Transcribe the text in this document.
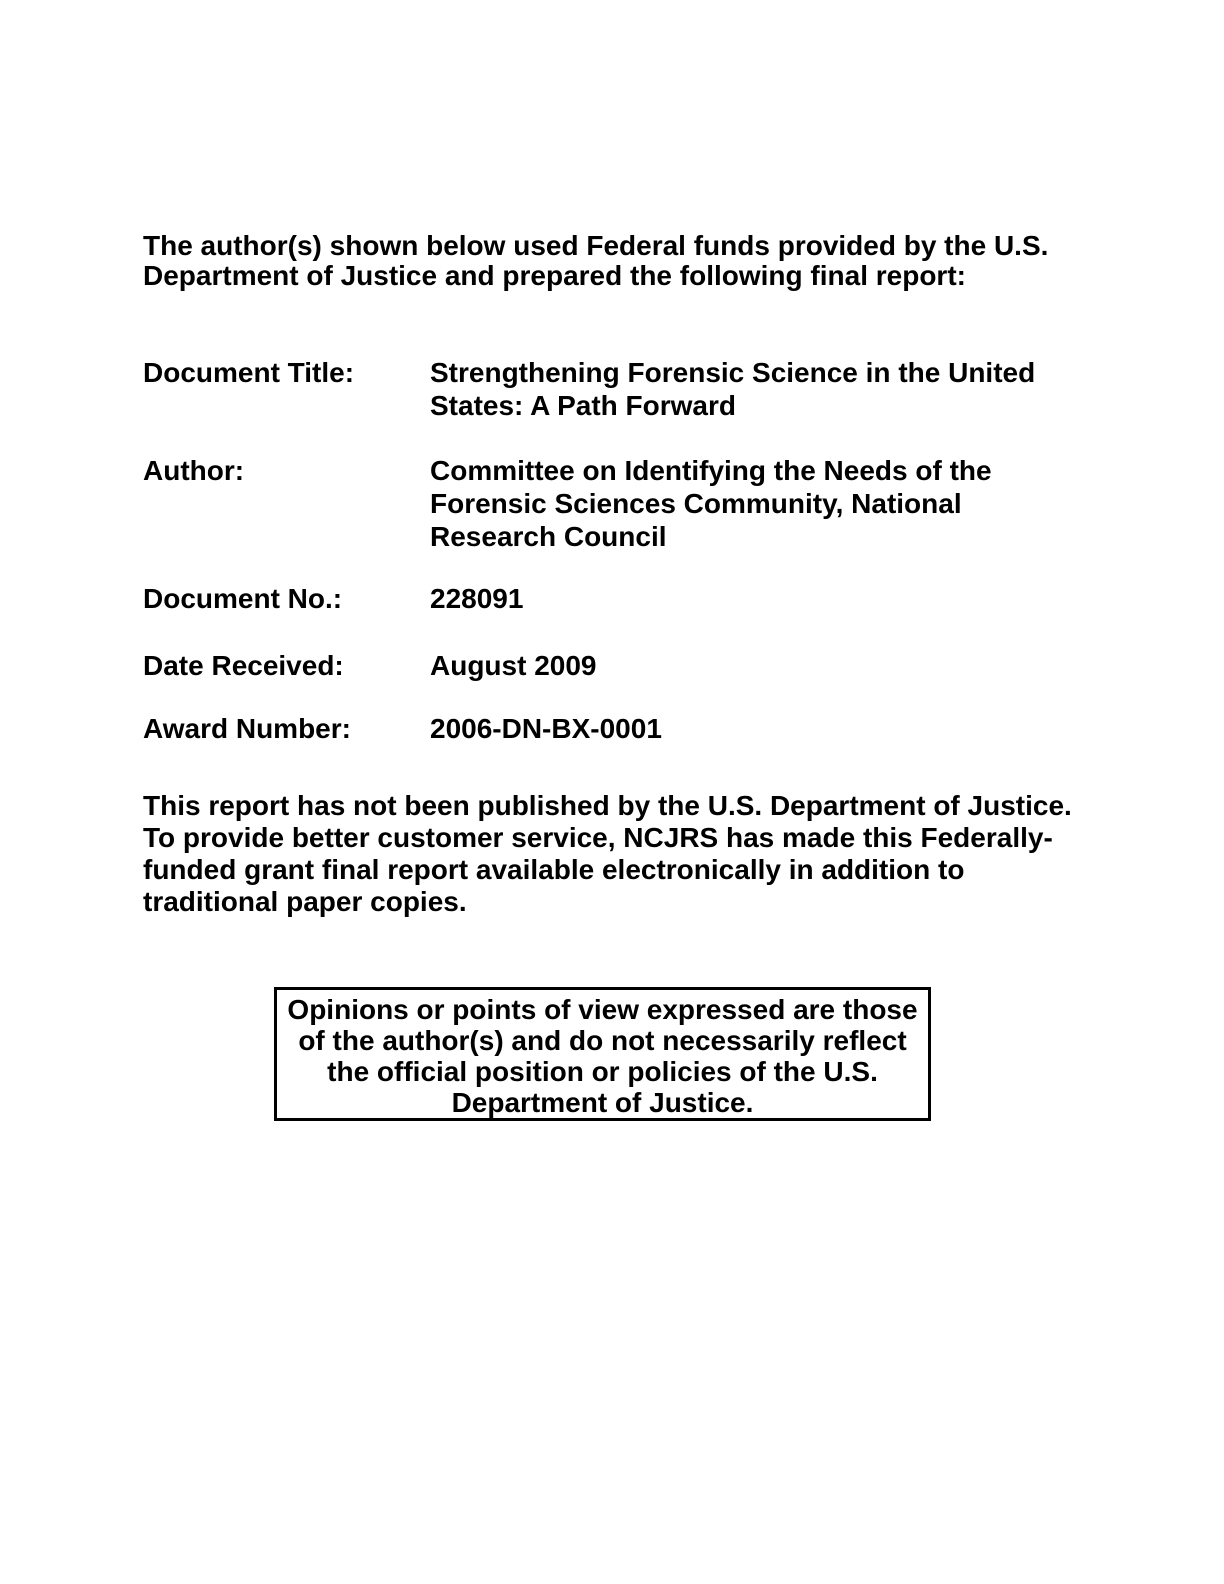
The author(s) shown below used Federal funds provided by the U.S.
Department of Justice and prepared the following final report:
Document Title:	Strengthening Forensic Science in the United
States: A Path Forward
Author:	Committee on Identifying the Needs of the
Forensic Sciences Community, National
Research Council
Document No.:	228091
Date Received:	August 2009
Award Number:	2006-DN-BX-0001
This report has not been published by the U.S. Department of Justice.
To provide better customer service, NCJRS has made this Federally-
funded grant final report available electronically in addition to
traditional paper copies.
Opinions or points of view expressed are those
of the author(s) and do not necessarily reflect
the official position or policies of the U.S.
Department of Justice.
